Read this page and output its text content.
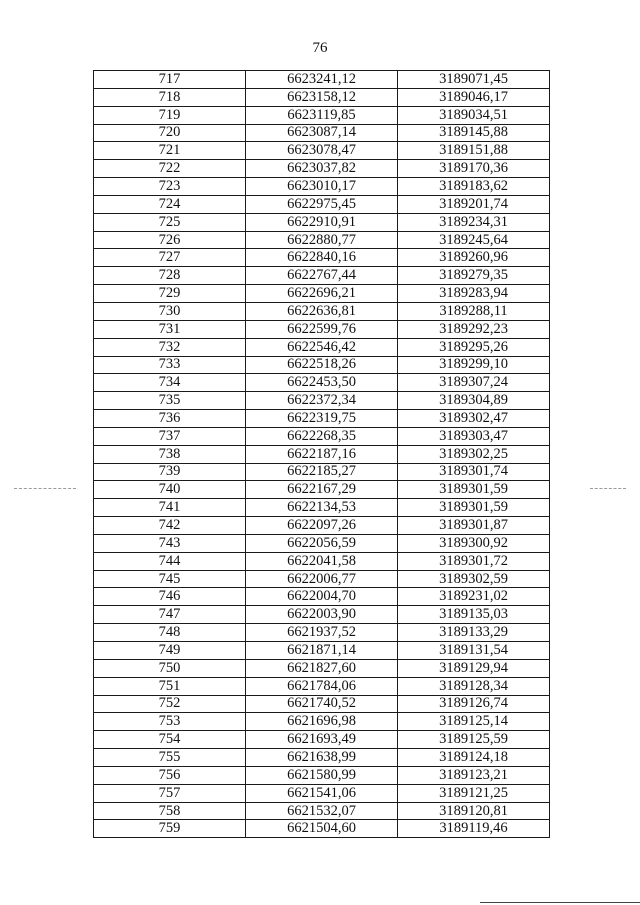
76
717	6623241,12	3189071,45
718	6623158,12	3189046,17
719	6623119,85	3189034,51
720	6623087,14	3189145,88
721	6623078,47	3189151,88
722	6623037,82	3189170,36
723	6623010,17	3189183,62
724	6622975,45	3189201,74
725	6622910,91	3189234,31
726	6622880,77	3189245,64
727	6622840,16	3189260,96
728	6622767,44	3189279,35
729	6622696,21	3189283,94
730	6622636,81	3189288,11
731	6622599,76	3189292,23
732	6622546,42	3189295,26
733	6622518,26	3189299,10
734	6622453,50	3189307,24
735	6622372,34	3189304,89
736	6622319,75	3189302,47
737	6622268,35	3189303,47
738	6622187,16	3189302,25
739	6622185,27	3189301,74
740	6622167,29	3189301,59
741	6622134,53	3189301,59
742	6622097,26	3189301,87
743	6622056,59	3189300,92
744	6622041,58	3189301,72
745	6622006,77	3189302,59
746	6622004,70	3189231,02
747	6622003,90	3189135,03
748	6621937,52	3189133,29
749	6621871,14	3189131,54
750	6621827,60	3189129,94
751	6621784,06	3189128,34
752	6621740,52	3189126,74
753	6621696,98	3189125,14
754	6621693,49	3189125,59
755	6621638,99	3189124,18
756	6621580,99	3189123,21
757	6621541,06	3189121,25
758	6621532,07	3189120,81
759	6621504,60	3189119,46
